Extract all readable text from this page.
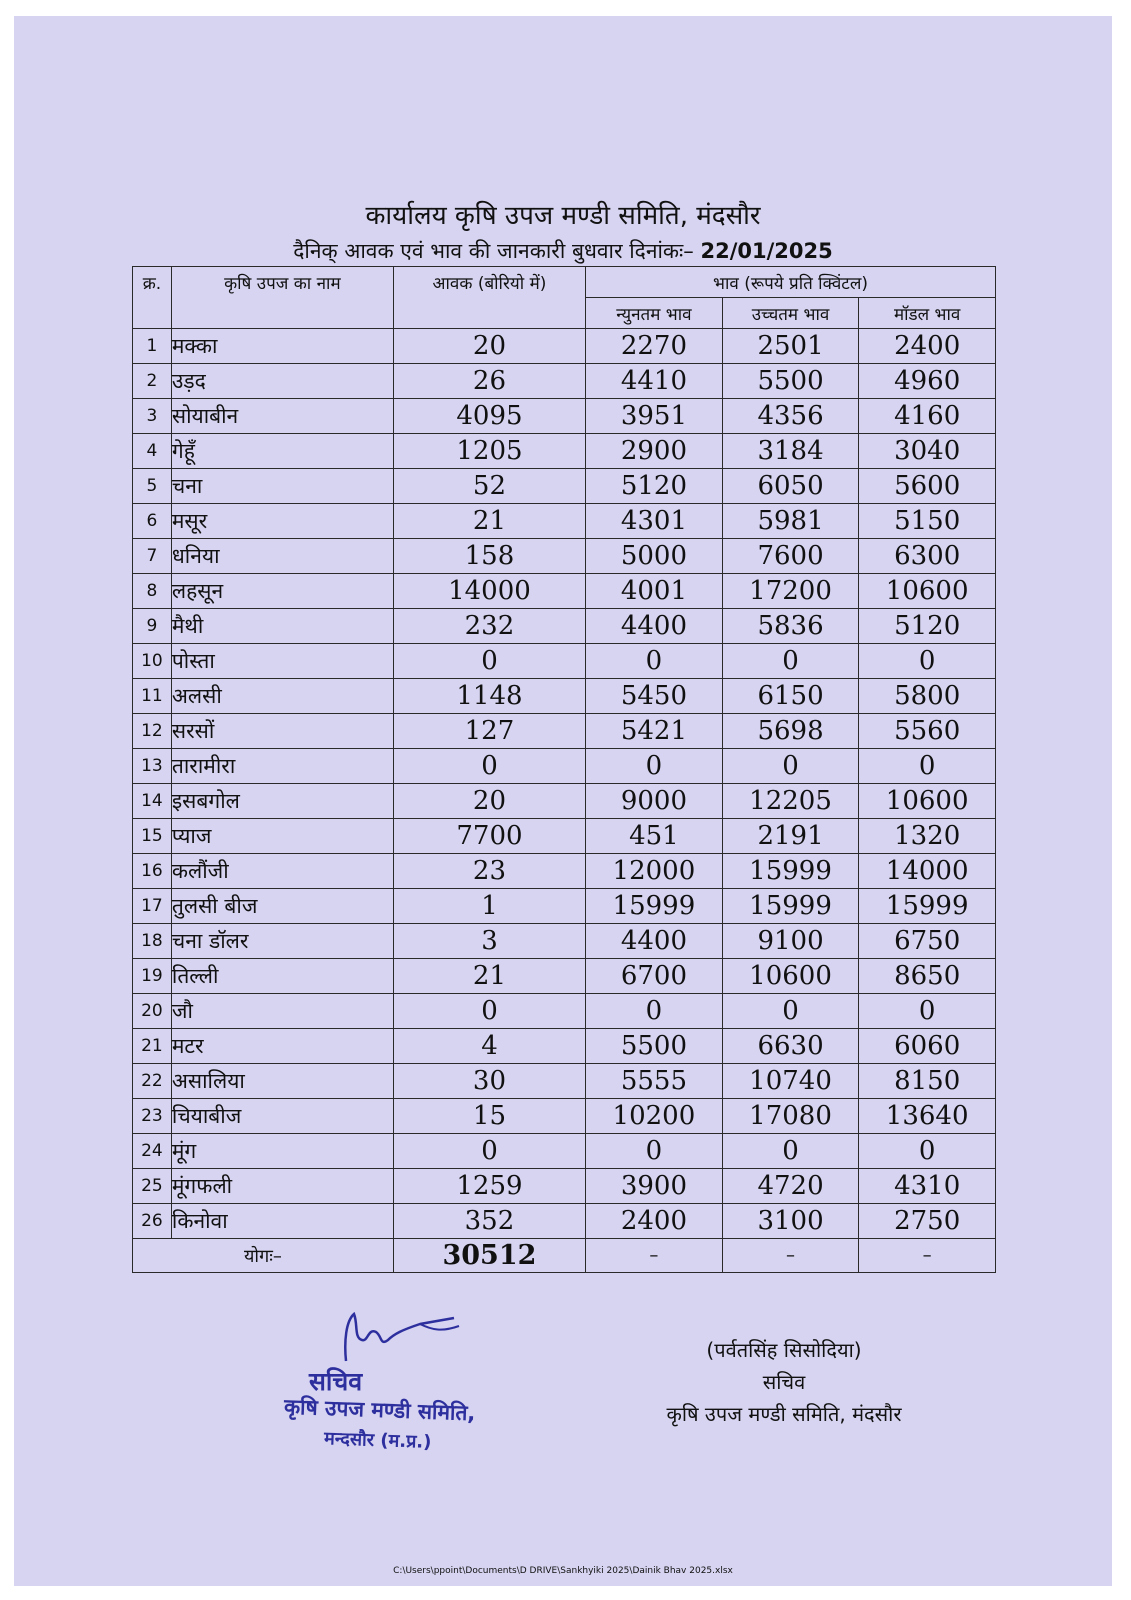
कार्यालय कृषि उपज मण्डी समिति, मंदसौर
दैनिक् आवक एवं भाव की जानकारी बुधवार दिनांकः– 22/01/2025
क्र.	कृषि उपज का नाम	आवक (बोरियो में)	भाव (रूपये प्रति क्विंटल)		
			न्युनतम भाव	उच्चतम भाव	मॉडल भाव
1	मक्का	20	2270	2501	2400
2	उड़द	26	4410	5500	4960
3	सोयाबीन	4095	3951	4356	4160
4	गेहूँ	1205	2900	3184	3040
5	चना	52	5120	6050	5600
6	मसूर	21	4301	5981	5150
7	धनिया	158	5000	7600	6300
8	लहसून	14000	4001	17200	10600
9	मैथी	232	4400	5836	5120
10	पोस्ता	0	0	0	0
11	अलसी	1148	5450	6150	5800
12	सरसों	127	5421	5698	5560
13	तारामीरा	0	0	0	0
14	इसबगोल	20	9000	12205	10600
15	प्याज	7700	451	2191	1320
16	कलौंजी	23	12000	15999	14000
17	तुलसी बीज	1	15999	15999	15999
18	चना डॉलर	3	4400	9100	6750
19	तिल्ली	21	6700	10600	8650
20	जौ	0	0	0	0
21	मटर	4	5500	6630	6060
22	असालिया	30	5555	10740	8150
23	चियाबीज	15	10200	17080	13640
24	मूंग	0	0	0	0
25	मूंगफली	1259	3900	4720	4310
26	किनोवा	352	2400	3100	2750
योगः–		30512	–	–	–
सचिव
कृषि उपज मण्डी समिति,
मन्दसौर (म.प्र.)
(पर्वतसिंह सिसोदिया)
सचिव
कृषि उपज मण्डी समिति, मंदसौर
C:\Users\ppoint\Documents\D DRIVE\Sankhyiki 2025\Dainik Bhav 2025.xlsx
